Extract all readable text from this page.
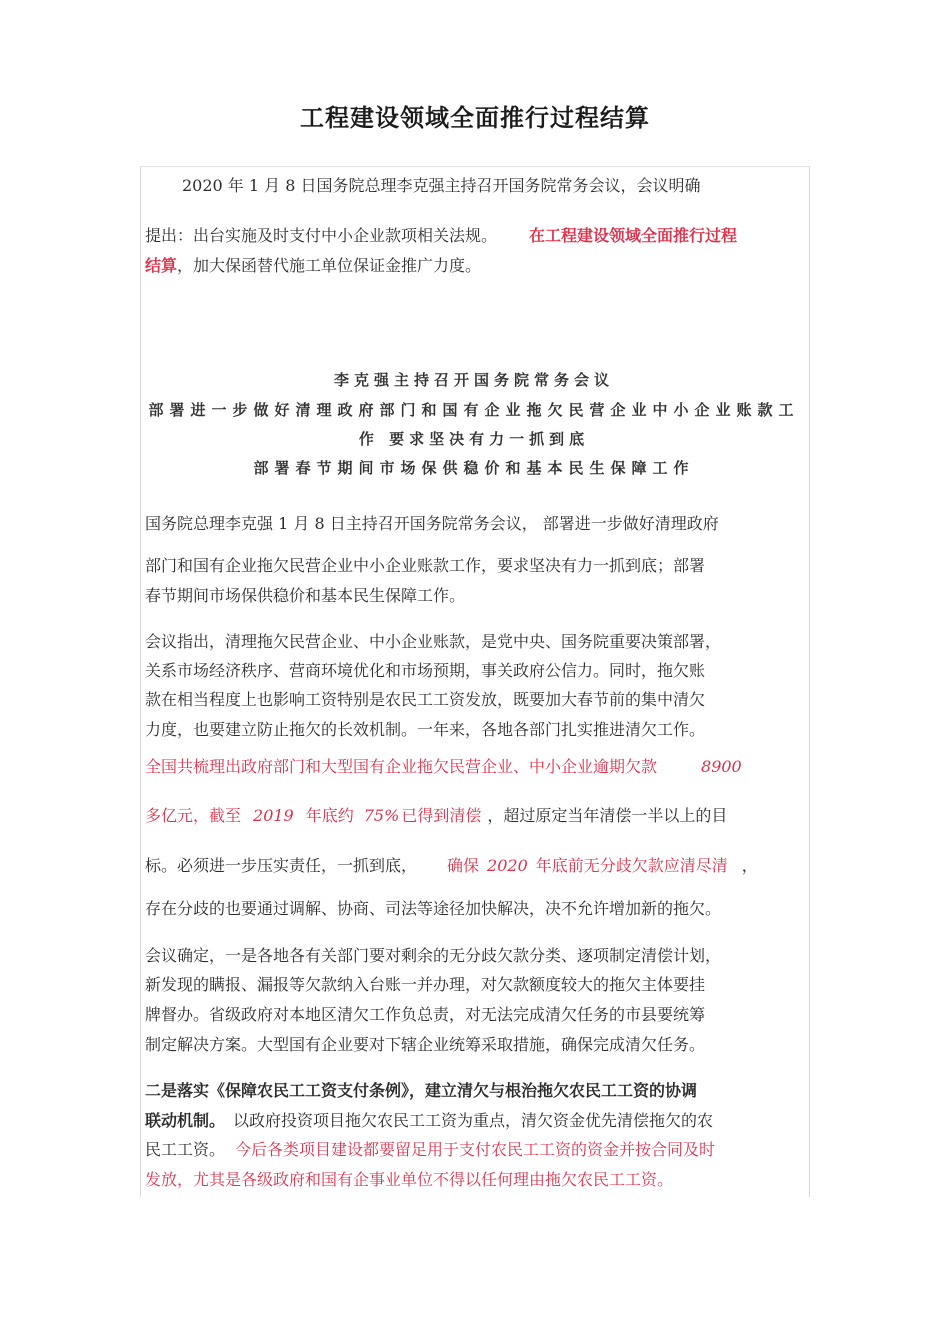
工程建设领域全面推行过程结算
2020 年 1 月 8 日国务院总理李克强主持召开国务院常务会议，会议明确
提出：出台实施及时支付中小企业款项相关法规。 在工程建设领域全面推行过程
结算，加大保函替代施工单位保证金推广力度。
李克强主持召开国务院常务会议
部署进一步做好清理政府部门和国有企业拖欠民营企业中小企业账款工
作 要求坚决有力一抓到底
部署春节期间市场保供稳价和基本民生保障工作
国务院总理李克强 1 月 8 日主持召开国务院常务会议， 部署进一步做好清理政府
部门和国有企业拖欠民营企业中小企业账款工作，要求坚决有力一抓到底；部署
春节期间市场保供稳价和基本民生保障工作。
会议指出，清理拖欠民营企业、中小企业账款，是党中央、国务院重要决策部署，
关系市场经济秩序、营商环境优化和市场预期，事关政府公信力。同时，拖欠账
款在相当程度上也影响工资特别是农民工工资发放，既要加大春节前的集中清欠
力度，也要建立防止拖欠的长效机制。一年来，各地各部门扎实推进清欠工作。
全国共梳理出政府部门和大型国有企业拖欠民营企业、中小企业逾期欠款	8900
多亿元，截至 2019 年底约 75% 已得到清偿 ，超过原定当年清偿一半以上的目
标。必须进一步压实责任，一抓到底， 确保 2020 年底前无分歧欠款应清尽清 ，
存在分歧的也要通过调解、协商、司法等途径加快解决，决不允许增加新的拖欠。
会议确定，一是各地各有关部门要对剩余的无分歧欠款分类、逐项制定清偿计划，
新发现的瞒报、漏报等欠款纳入台账一并办理，对欠款额度较大的拖欠主体要挂
牌督办。省级政府对本地区清欠工作负总责，对无法完成清欠任务的市县要统筹
制定解决方案。大型国有企业要对下辖企业统筹采取措施，确保完成清欠任务。
二是落实《保障农民工工资支付条例》，建立清欠与根治拖欠农民工工资的协调
联动机制。 以政府投资项目拖欠农民工工资为重点，清欠资金优先清偿拖欠的农
民工工资。 今后各类项目建设都要留足用于支付农民工工资的资金并按合同及时
发放，尤其是各级政府和国有企事业单位不得以任何理由拖欠农民工工资。
